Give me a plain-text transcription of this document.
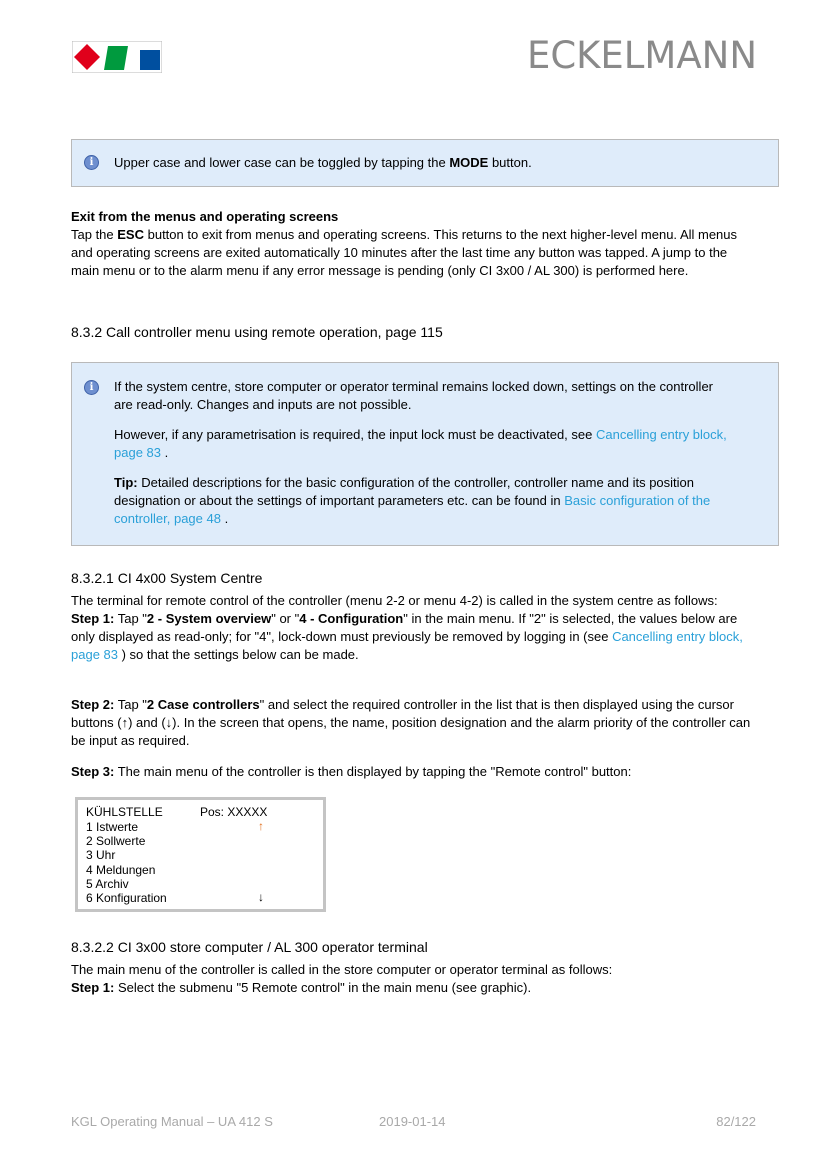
ECKELMANN
i	Upper case and lower case can be toggled by tapping the MODE button.

Exit from the menus and operating screens
Tap the ESC button to exit from menus and operating screens. This returns to the next higher-level menu. All menus and operating screens are exited automatically 10 minutes after the last time any button was tapped. A jump to the main menu or to the alarm menu if any error message is pending (only CI 3x00 / AL 300) is performed here.
8.3.2 Call controller menu using remote operation, page 115
i	If the system centre, store computer or operator terminal remains locked down, settings on the controller are read-only. Changes and inputs are not possible.

However, if any parametrisation is required, the input lock must be deactivated, see Cancelling entry block, page 83 .

Tip: Detailed descriptions for the basic configuration of the controller, controller name and its position designation or about the settings of important parameters etc. can be found in Basic configuration of the controller, page 48 .

8.3.2.1 CI 4x00 System Centre
The terminal for remote control of the controller (menu 2-2 or menu 4-2) is called in the system centre as follows:
Step 1: Tap "2 - System overview" or "4 - Configuration" in the main menu. If "2" is selected, the values below are only displayed as read-only; for "4", lock-down must previously be removed by logging in (see Cancelling entry block, page 83 ) so that the settings below can be made.
Step 2: Tap "2 Case controllers" and select the required controller in the list that is then displayed using the cursor buttons (↑) and (↓). In the screen that opens, the name, position designation and the alarm priority of the controller can be input as required.
Step 3: The main menu of the controller is then displayed by tapping the "Remote control" button:
KÜHLSTELLE	Pos: XXXXX
1 Istwerte
2 Sollwerte
3 Uhr
4 Meldungen
5 Archiv
6 Konfiguration
↑
↓
8.3.2.2 CI 3x00 store computer / AL 300 operator terminal
The main menu of the controller is called in the store computer or operator terminal as follows:
Step 1: Select the submenu "5 Remote control" in the main menu (see graphic).
KGL Operating Manual – UA 412 S	2019-01-14	82/122
